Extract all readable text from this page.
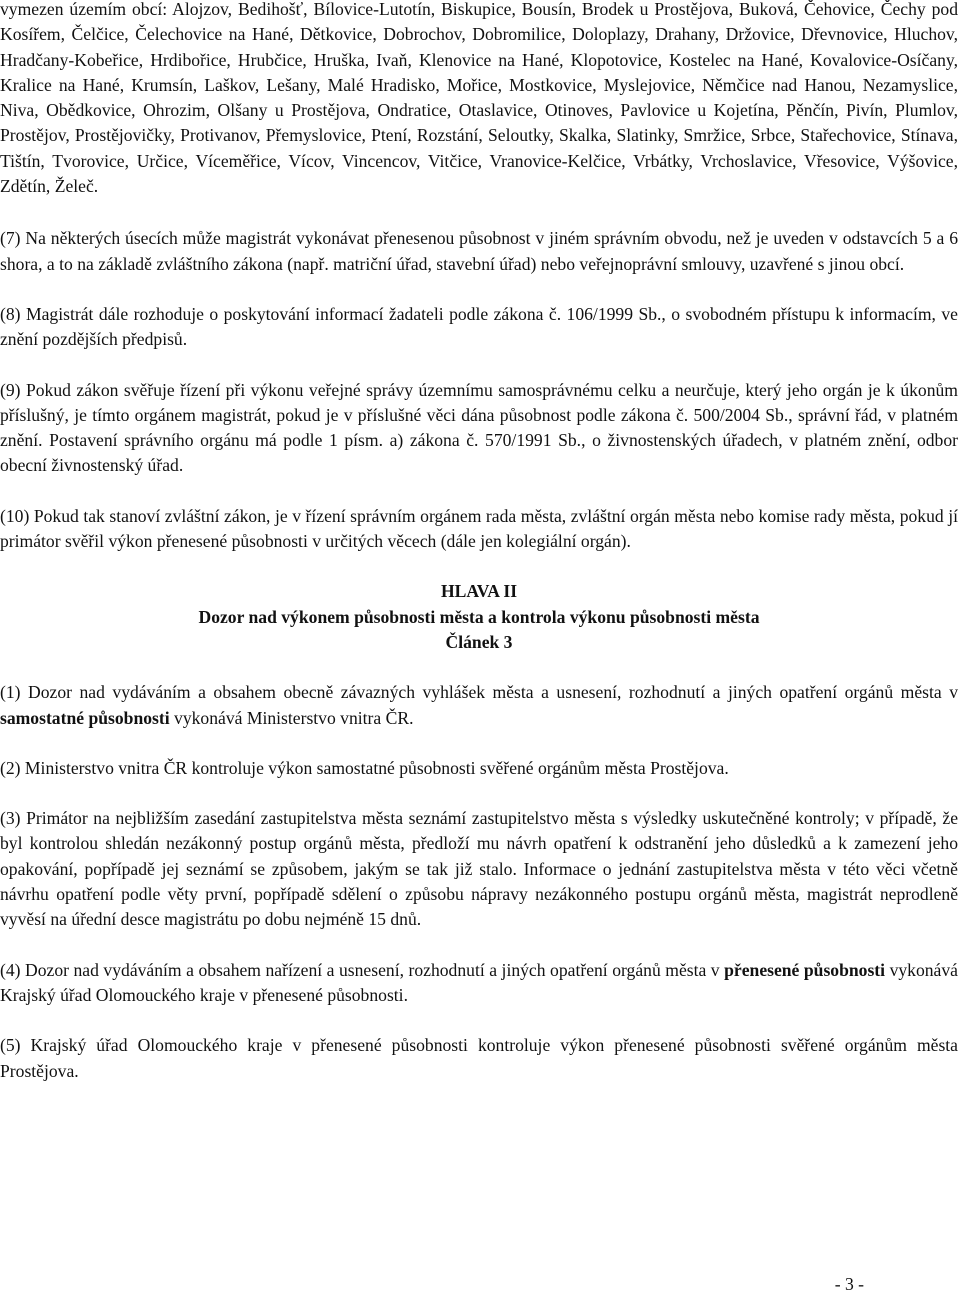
vymezen územím obcí: Alojzov, Bedihošť, Bílovice-Lutotín, Biskupice, Bousín, Brodek u Prostějova, Buková, Čehovice, Čechy pod Kosířem, Čelčice, Čelechovice na Hané, Dětkovice, Dobrochov, Dobromilice, Doloplazy, Drahany, Držovice, Dřevnovice, Hluchov, Hradčany-Kobeřice, Hrdibořice, Hrubčice, Hruška, Ivaň, Klenovice na Hané, Klopotovice, Kostelec na Hané, Kovalovice-Osíčany, Kralice na Hané, Krumsín, Laškov, Lešany, Malé Hradisko, Mořice, Mostkovice, Myslejovice, Němčice nad Hanou, Nezamyslice, Niva, Obědkovice, Ohrozim, Olšany u Prostějova, Ondratice, Otaslavice, Otinoves, Pavlovice u Kojetína, Pěnčín, Pivín, Plumlov, Prostějov, Prostějovičky, Protivanov, Přemyslovice, Ptení, Rozstání, Seloutky, Skalka, Slatinky, Smržice, Srbce, Stařechovice, Stínava, Tištín, Tvorovice, Určice, Víceměřice, Vícov, Vincencov, Vitčice, Vranovice-Kelčice, Vrbátky, Vrchoslavice, Vřesovice, Výšovice, Zdětín, Želeč.

(7) Na některých úsecích může magistrát vykonávat přenesenou působnost v jiném správním obvodu, než je uveden v odstavcích 5 a 6 shora, a to na základě zvláštního zákona (např. matriční úřad, stavební úřad) nebo veřejnoprávní smlouvy, uzavřené s jinou obcí.

(8) Magistrát dále rozhoduje o poskytování informací žadateli podle zákona č. 106/1999 Sb., o svobodném přístupu k informacím, ve znění pozdějších předpisů.

(9) Pokud zákon svěřuje řízení při výkonu veřejné správy územnímu samosprávnému celku a neurčuje, který jeho orgán je k úkonům příslušný, je tímto orgánem magistrát, pokud je v příslušné věci dána působnost podle zákona č. 500/2004 Sb., správní řád, v platném znění. Postavení správního orgánu má podle 1 písm. a) zákona č. 570/1991 Sb., o živnostenských úřadech, v platném znění, odbor obecní živnostenský úřad.

(10) Pokud tak stanoví zvláštní zákon, je v řízení správním orgánem rada města, zvláštní orgán města nebo komise rady města, pokud jí primátor svěřil výkon přenesené působnosti v určitých věcech (dále jen kolegiální orgán).

HLAVA II
Dozor nad výkonem působnosti města a kontrola výkonu působnosti města
Článek 3

(1) Dozor nad vydáváním a obsahem obecně závazných vyhlášek města a usnesení, rozhodnutí a jiných opatření orgánů města v samostatné působnosti vykonává Ministerstvo vnitra ČR.

(2) Ministerstvo vnitra ČR kontroluje výkon samostatné působnosti svěřené orgánům města Prostějova.

(3) Primátor na nejbližším zasedání zastupitelstva města seznámí zastupitelstvo města s výsledky uskutečněné kontroly; v případě, že byl kontrolou shledán nezákonný postup orgánů města, předloží mu návrh opatření k odstranění jeho důsledků a k zamezení jeho opakování, popřípadě jej seznámí se způsobem, jakým se tak již stalo. Informace o jednání zastupitelstva města v této věci včetně návrhu opatření podle věty první, popřípadě sdělení o způsobu nápravy nezákonného postupu orgánů města, magistrát neprodleně vyvěsí na úřední desce magistrátu po dobu nejméně 15 dnů.

(4) Dozor nad vydáváním a obsahem nařízení a usnesení, rozhodnutí a jiných opatření orgánů města v přenesené působnosti vykonává Krajský úřad Olomouckého kraje v přenesené působnosti.

(5) Krajský úřad Olomouckého kraje v přenesené působnosti kontroluje výkon přenesené působnosti svěřené orgánům města Prostějova.

- 3 -
